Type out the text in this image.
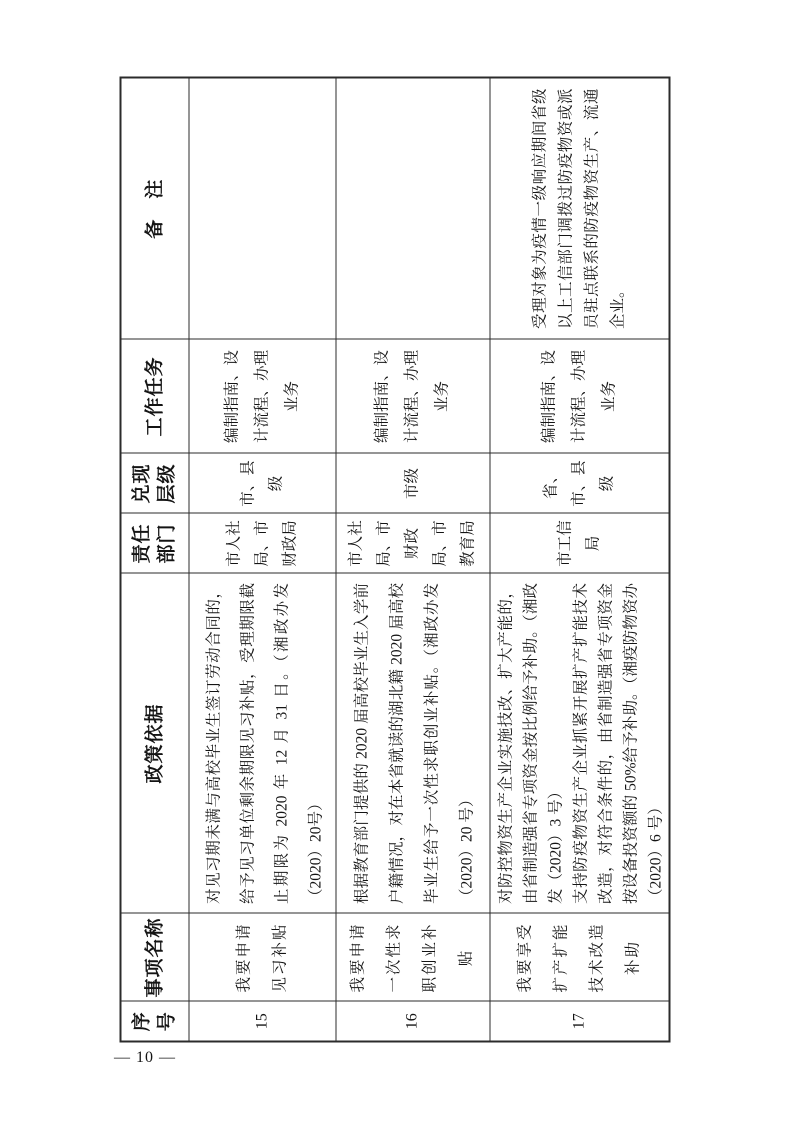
序号	事项名称	政策依据	责任部门	兑现层级	工作任务	备　注
15	我要申请见习补贴	对见习期未满与高校毕业生签订劳动合同的，给予见习单位剩余期限见习补贴，受理期限截止期限为 2020 年 12 月 31 日。（湘政办发（2020）20号）	市人社局、市财政局	市、县级	编制指南、设计流程、办理业务	
16	我要申请一次性求职创业补贴	根据教育部门提供的 2020 届高校毕业生入学前户籍情况，对在本省就读的湖北籍 2020 届高校毕业生给予一次性求职创业补贴。（湘政办发（2020）20 号）	市人社局、市财政局、市教育局	市级	编制指南、设计流程、办理业务	
17	我要享受扩产扩能技术改造补助	对防控物资生产企业实施技改、扩大产能的，由省制造强省专项资金按比例给予补助。（湘政发（2020）3 号） 支持防疫物资生产企业抓紧开展扩产扩能技术改造，对符合条件的，由省制造强省专项资金按设备投资额的 50%给予补助。（湘疫防物资办（2020）6 号）	市工信局	省、市、县级	编制指南、设计流程、办理业务	受理对象为疫情一级响应期间省级以上工信部门调拨过防疫物资或派员驻点联系的防疫物资生产、流通企业。
— 10 —
